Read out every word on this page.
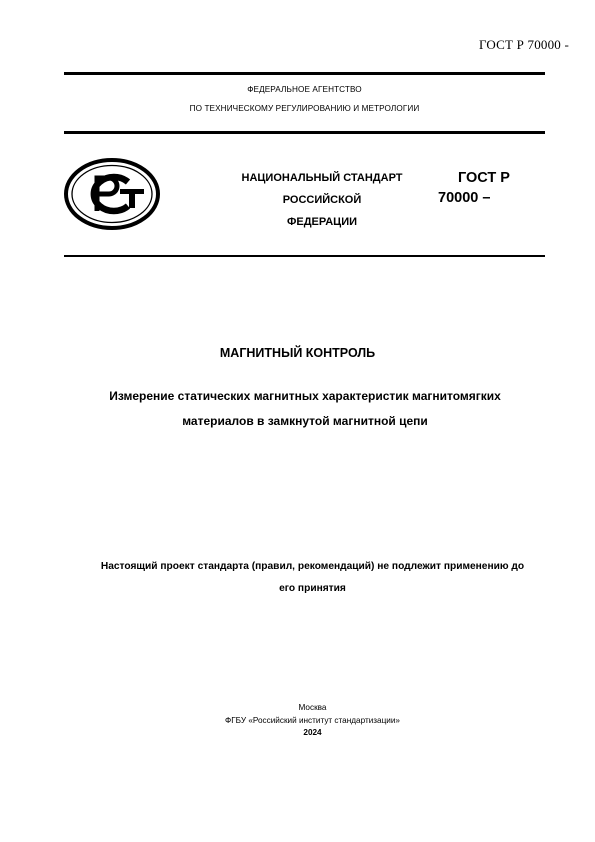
ГОСТ Р 70000 -
ФЕДЕРАЛЬНОЕ АГЕНТСТВО
ПО ТЕХНИЧЕСКОМУ РЕГУЛИРОВАНИЮ И МЕТРОЛОГИИ
НАЦИОНАЛЬНЫЙ СТАНДАРТ
РОССИЙСКОЙ
ФЕДЕРАЦИИ
ГОСТ Р
70000 –
МАГНИТНЫЙ КОНТРОЛЬ
Измерение статических магнитных характеристик магнитомягких
материалов в замкнутой магнитной цепи
Настоящий проект стандарта (правил, рекомендаций) не подлежит применению до
его принятия
Москва
ФГБУ «Российский институт стандартизации»
2024
